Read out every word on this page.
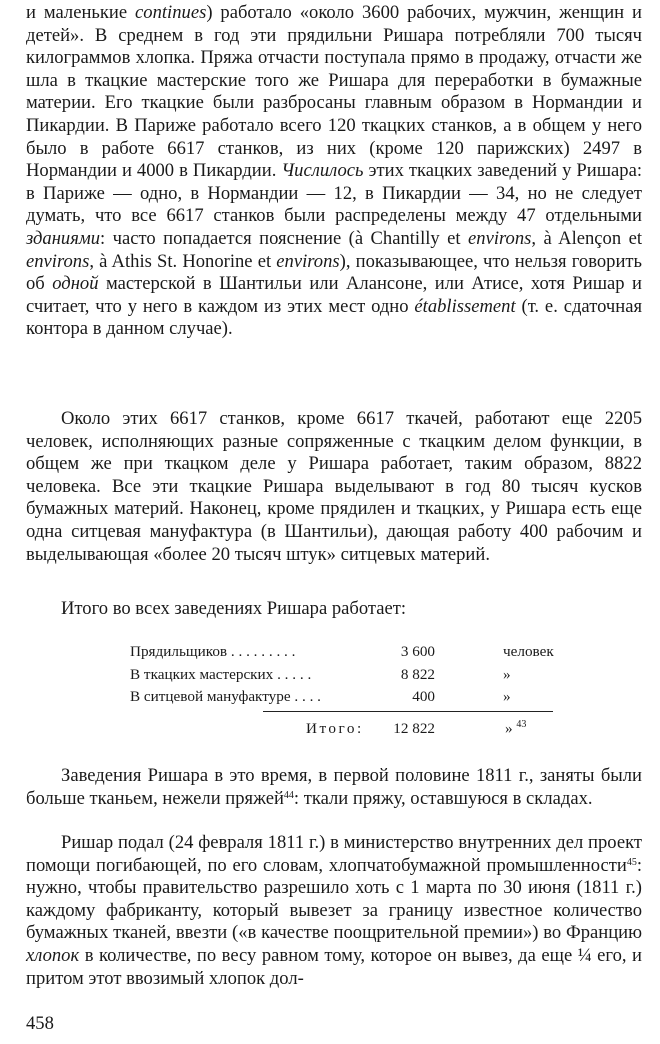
и маленькие continues) работало «около 3600 рабочих, мужчин, женщин и детей». В среднем в год эти прядильни Ришара потребляли 700 тысяч килограммов хлопка. Пряжа отчасти поступала прямо в продажу, отчасти же шла в ткацкие мастерские того же Ришара для переработки в бумажные материи. Его ткацкие были разбросаны главным образом в Нормандии и Пикардии. В Париже работало всего 120 ткацких станков, а в общем у него было в работе 6617 станков, из них (кроме 120 парижских) 2497 в Нормандии и 4000 в Пикардии. Числилось этих ткацких заведений у Ришара: в Париже — одно, в Нормандии — 12, в Пикардии — 34, но не следует думать, что все 6617 станков были распределены между 47 отдельными зданиями: часто попадается пояснение (à Chantilly et environs, à Alençon et environs, à Athis St. Honorine et environs), показывающее, что нельзя говорить об одной мастерской в Шантильи или Алансоне, или Атисе, хотя Ришар и считает, что у него в каждом из этих мест одно établissement (т. е. сдаточная контора в данном случае).

Около этих 6617 станков, кроме 6617 ткачей, работают еще 2205 человек, исполняющих разные сопряженные с ткацким делом функции, в общем же при ткацком деле у Ришара работает, таким образом, 8822 человека. Все эти ткацкие Ришара выделывают в год 80 тысяч кусков бумажных материй. Наконец, кроме прядилен и ткацких, у Ришара есть еще одна ситцевая мануфактура (в Шантильи), дающая работу 400 рабочим и выделывающая «более 20 тысяч штук» ситцевых материй.

Итого во всех заведениях Ришара работает:

Прядильщиков . . . . . . . . .	3 600	человек
В ткацких мастерских . . . . .	8 822	»
В ситцевой мануфактуре . . . .	400	»
Итого: 12 822	» $^{43}$

Заведения Ришара в это время, в первой половине 1811 г., заняты были больше тканьем, нежели пряжей$^{44}$: ткали пряжу, оставшуюся в складах.

Ришар подал (24 февраля 1811 г.) в министерство внутренних дел проект помощи погибающей, по его словам, хлопчатобумажной промышленности$^{45}$: нужно, чтобы правительство разрешило хоть с 1 марта по 30 июня (1811 г.) каждому фабриканту, который вывезет за границу известное количество бумажных тканей, ввезти («в качестве поощрительной премии») во Францию хлопок в количестве, по весу равном тому, которое он вывез, да еще ¼ его, и притом этот ввозимый хлопок дол-

458
